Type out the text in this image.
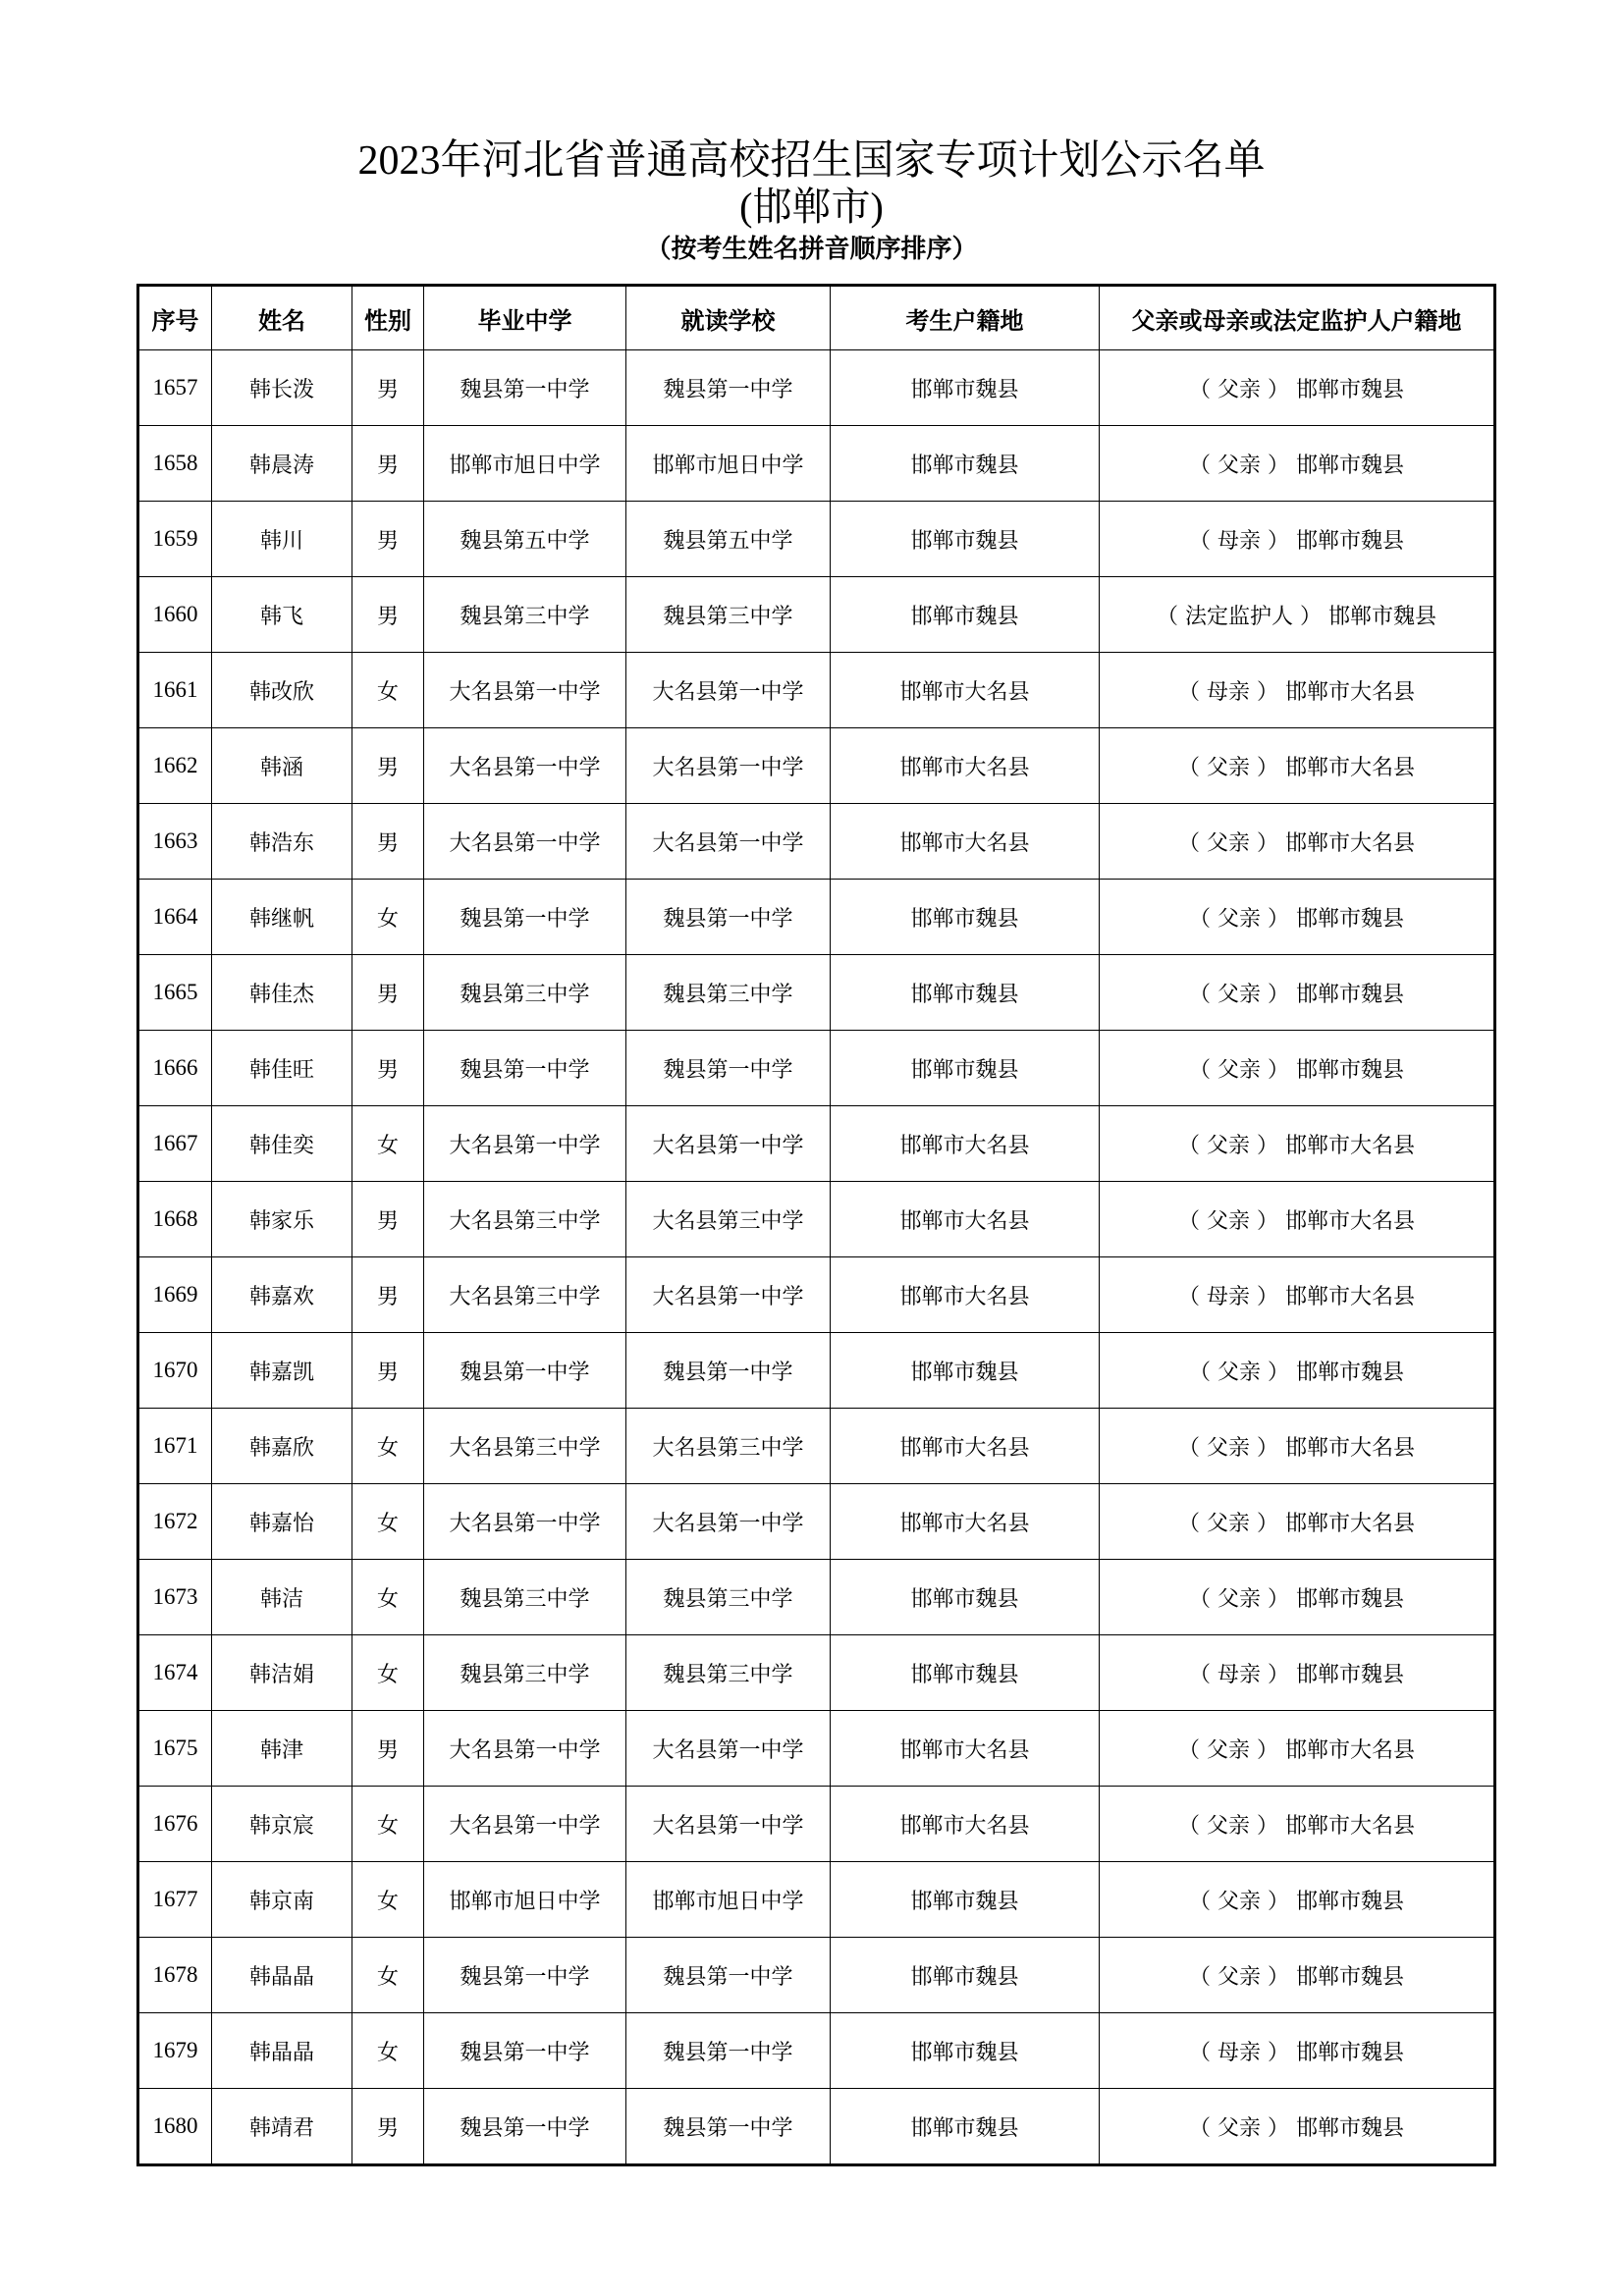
2023年河北省普通高校招生国家专项计划公示名单
(邯郸市)
（按考生姓名拼音顺序排序）
序号	姓名	性别	毕业中学	就读学校	考生户籍地	父亲或母亲或法定监护人户籍地
1657	韩长泼	男	魏县第一中学	魏县第一中学	邯郸市魏县	（ 父亲 ） 邯郸市魏县
1658	韩晨涛	男	邯郸市旭日中学	邯郸市旭日中学	邯郸市魏县	（ 父亲 ） 邯郸市魏县
1659	韩川	男	魏县第五中学	魏县第五中学	邯郸市魏县	（ 母亲 ） 邯郸市魏县
1660	韩飞	男	魏县第三中学	魏县第三中学	邯郸市魏县	（ 法定监护人 ） 邯郸市魏县
1661	韩改欣	女	大名县第一中学	大名县第一中学	邯郸市大名县	（ 母亲 ） 邯郸市大名县
1662	韩涵	男	大名县第一中学	大名县第一中学	邯郸市大名县	（ 父亲 ） 邯郸市大名县
1663	韩浩东	男	大名县第一中学	大名县第一中学	邯郸市大名县	（ 父亲 ） 邯郸市大名县
1664	韩继帆	女	魏县第一中学	魏县第一中学	邯郸市魏县	（ 父亲 ） 邯郸市魏县
1665	韩佳杰	男	魏县第三中学	魏县第三中学	邯郸市魏县	（ 父亲 ） 邯郸市魏县
1666	韩佳旺	男	魏县第一中学	魏县第一中学	邯郸市魏县	（ 父亲 ） 邯郸市魏县
1667	韩佳奕	女	大名县第一中学	大名县第一中学	邯郸市大名县	（ 父亲 ） 邯郸市大名县
1668	韩家乐	男	大名县第三中学	大名县第三中学	邯郸市大名县	（ 父亲 ） 邯郸市大名县
1669	韩嘉欢	男	大名县第三中学	大名县第一中学	邯郸市大名县	（ 母亲 ） 邯郸市大名县
1670	韩嘉凯	男	魏县第一中学	魏县第一中学	邯郸市魏县	（ 父亲 ） 邯郸市魏县
1671	韩嘉欣	女	大名县第三中学	大名县第三中学	邯郸市大名县	（ 父亲 ） 邯郸市大名县
1672	韩嘉怡	女	大名县第一中学	大名县第一中学	邯郸市大名县	（ 父亲 ） 邯郸市大名县
1673	韩洁	女	魏县第三中学	魏县第三中学	邯郸市魏县	（ 父亲 ） 邯郸市魏县
1674	韩洁娟	女	魏县第三中学	魏县第三中学	邯郸市魏县	（ 母亲 ） 邯郸市魏县
1675	韩津	男	大名县第一中学	大名县第一中学	邯郸市大名县	（ 父亲 ） 邯郸市大名县
1676	韩京宸	女	大名县第一中学	大名县第一中学	邯郸市大名县	（ 父亲 ） 邯郸市大名县
1677	韩京南	女	邯郸市旭日中学	邯郸市旭日中学	邯郸市魏县	（ 父亲 ） 邯郸市魏县
1678	韩晶晶	女	魏县第一中学	魏县第一中学	邯郸市魏县	（ 父亲 ） 邯郸市魏县
1679	韩晶晶	女	魏县第一中学	魏县第一中学	邯郸市魏县	（ 母亲 ） 邯郸市魏县
1680	韩靖君	男	魏县第一中学	魏县第一中学	邯郸市魏县	（ 父亲 ） 邯郸市魏县
